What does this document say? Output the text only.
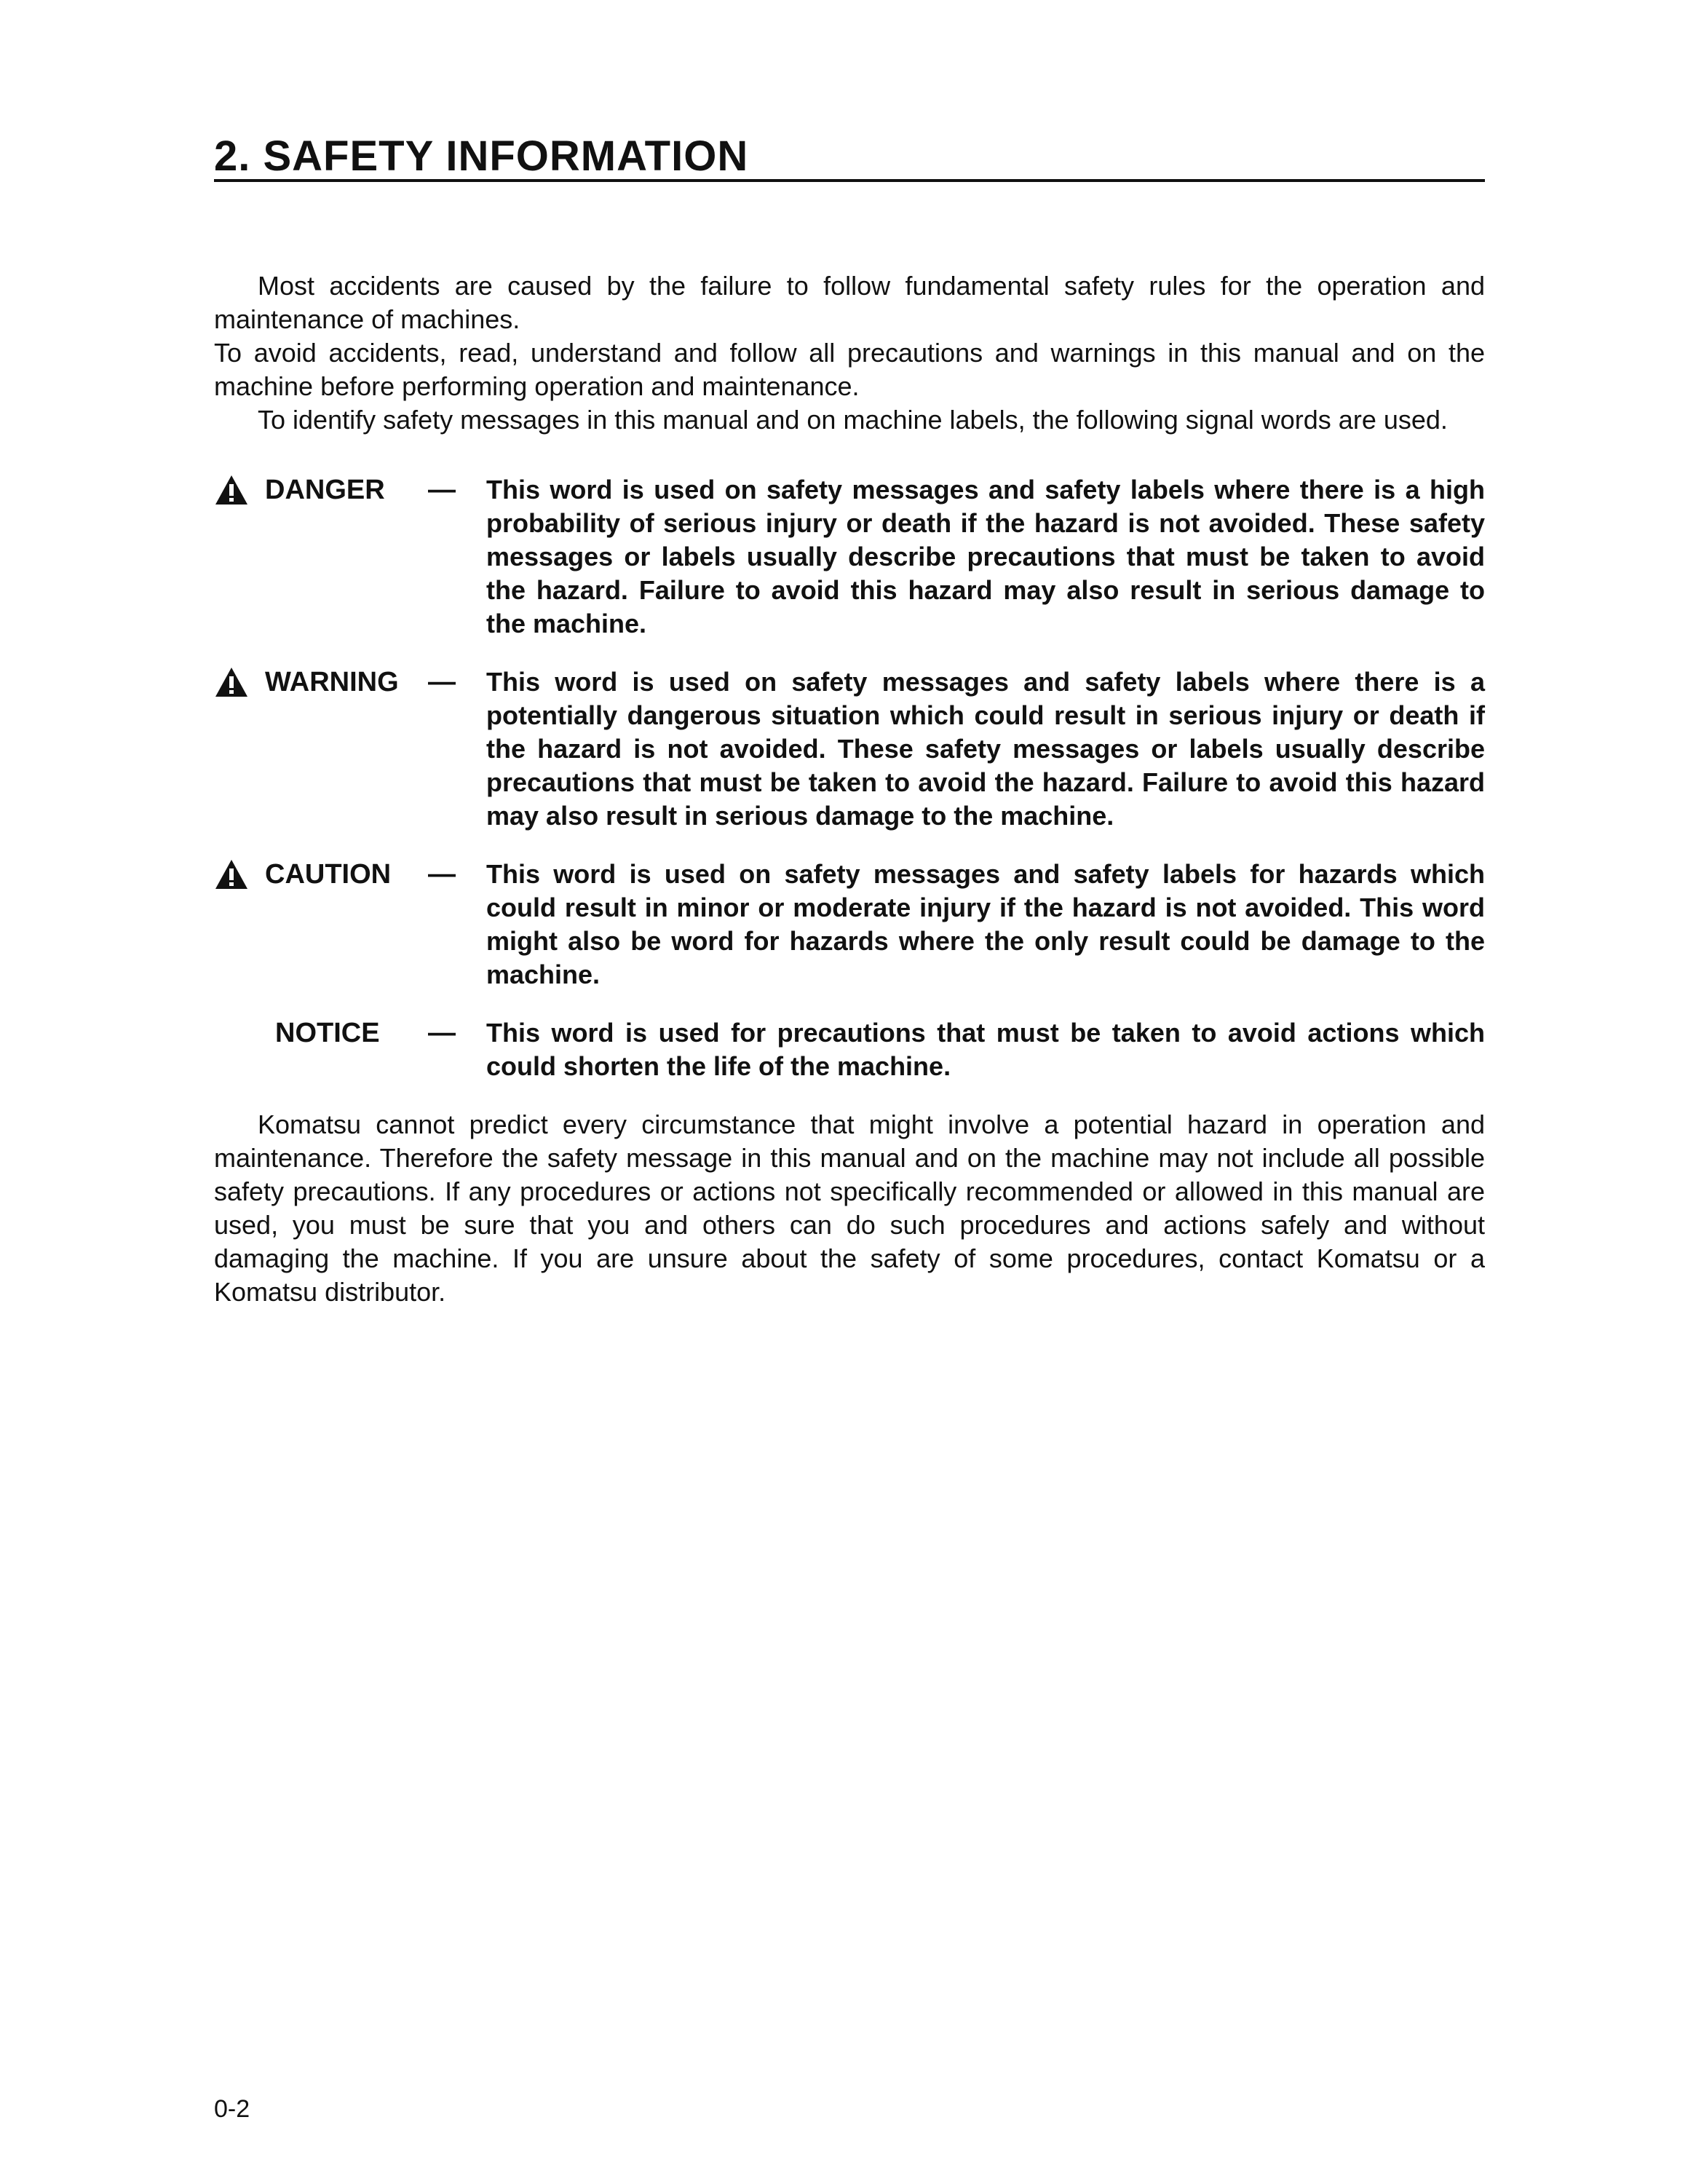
2. SAFETY INFORMATION

Most accidents are caused by the failure to follow fundamental safety rules for the operation and maintenance of machines.

To avoid accidents, read, understand and follow all precautions and warnings in this manual and on the machine before performing operation and maintenance.

To identify safety messages in this manual and on machine labels, the following signal words are used.

DANGER —	This word is used on safety messages and safety labels where there is a high probability of serious injury or death if the hazard is not avoided. These safety messages or labels usually describe precautions that must be taken to avoid the hazard. Failure to avoid this hazard may also result in serious damage to the machine.
WARNING —	This word is used on safety messages and safety labels where there is a potentially dangerous situation which could result in serious injury or death if the hazard is not avoided. These safety messages or labels usually describe precautions that must be taken to avoid the hazard. Failure to avoid this hazard may also result in serious damage to the machine.
CAUTION —	This word is used on safety messages and safety labels for hazards which could result in minor or moderate injury if the hazard is not avoided. This word might also be word for hazards where the only result could be damage to the machine.
NOTICE —	This word is used for precautions that must be taken to avoid actions which could shorten the life of the machine.

Komatsu cannot predict every circumstance that might involve a potential hazard in operation and maintenance. Therefore the safety message in this manual and on the machine may not include all possible safety precautions. If any procedures or actions not specifically recommended or allowed in this manual are used, you must be sure that you and others can do such procedures and actions safely and without damaging the machine. If you are unsure about the safety of some procedures, contact Komatsu or a Komatsu distributor.

0-2
